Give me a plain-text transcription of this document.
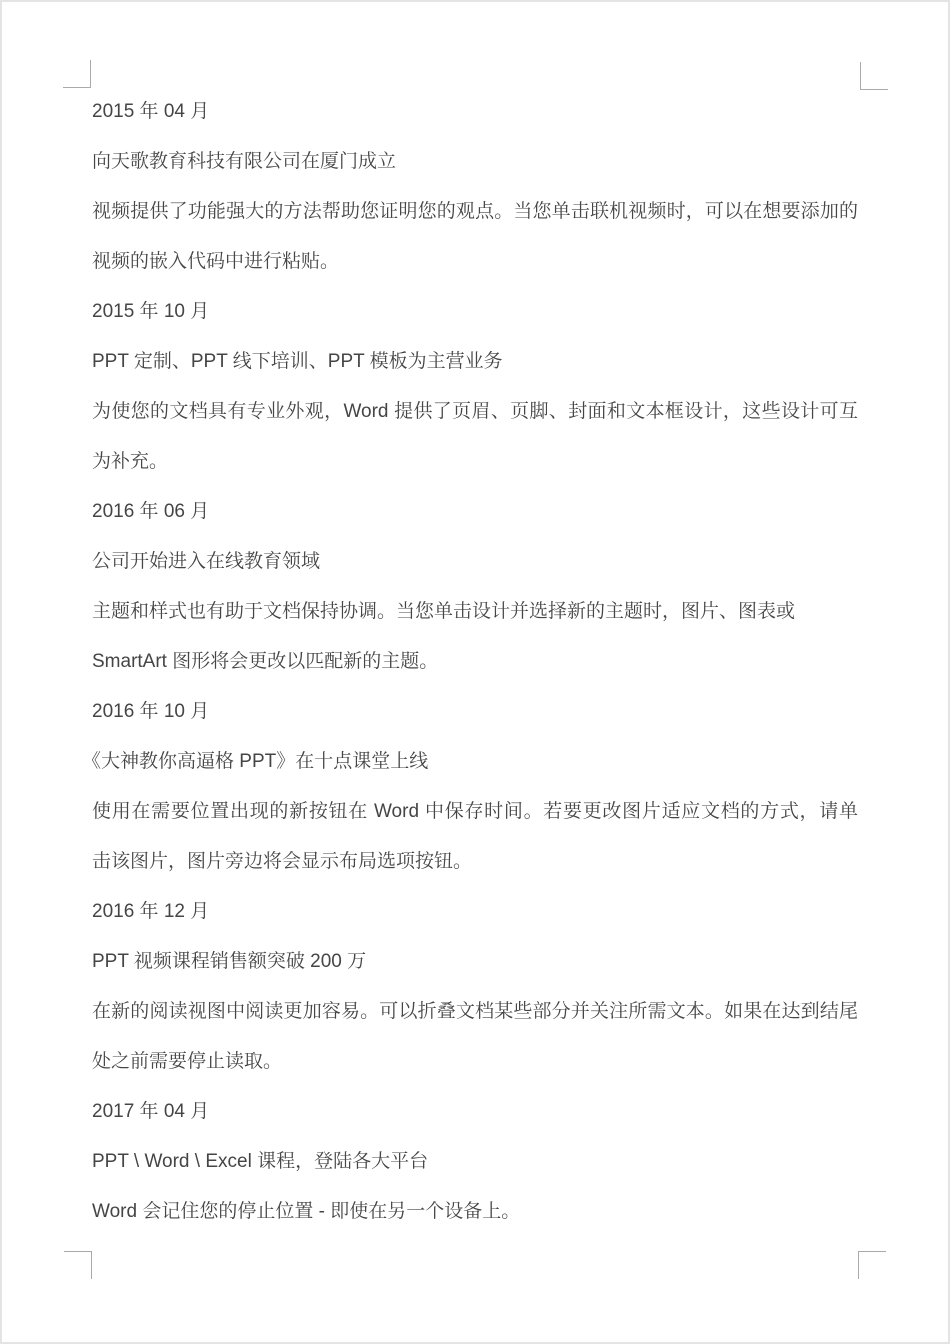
2015 年 04 月
向天歌教育科技有限公司在厦门成立
视频提供了功能强大的方法帮助您证明您的观点。当您单击联机视频时，可以在想要添加的
视频的嵌入代码中进行粘贴。
2015 年 10 月
PPT 定制、PPT 线下培训、PPT 模板为主营业务
为使您的文档具有专业外观，Word 提供了页眉、页脚、封面和文本框设计，这些设计可互
为补充。
2016 年 06 月
公司开始进入在线教育领域
主题和样式也有助于文档保持协调。当您单击设计并选择新的主题时，图片、图表或
SmartArt 图形将会更改以匹配新的主题。
2016 年 10 月
《大神教你高逼格 PPT》在十点课堂上线
使用在需要位置出现的新按钮在 Word 中保存时间。若要更改图片适应文档的方式，请单
击该图片，图片旁边将会显示布局选项按钮。
2016 年 12 月
PPT 视频课程销售额突破 200 万
在新的阅读视图中阅读更加容易。可以折叠文档某些部分并关注所需文本。如果在达到结尾
处之前需要停止读取。
2017 年 04 月
PPT \ Word \ Excel 课程，登陆各大平台
Word 会记住您的停止位置 - 即使在另一个设备上。
